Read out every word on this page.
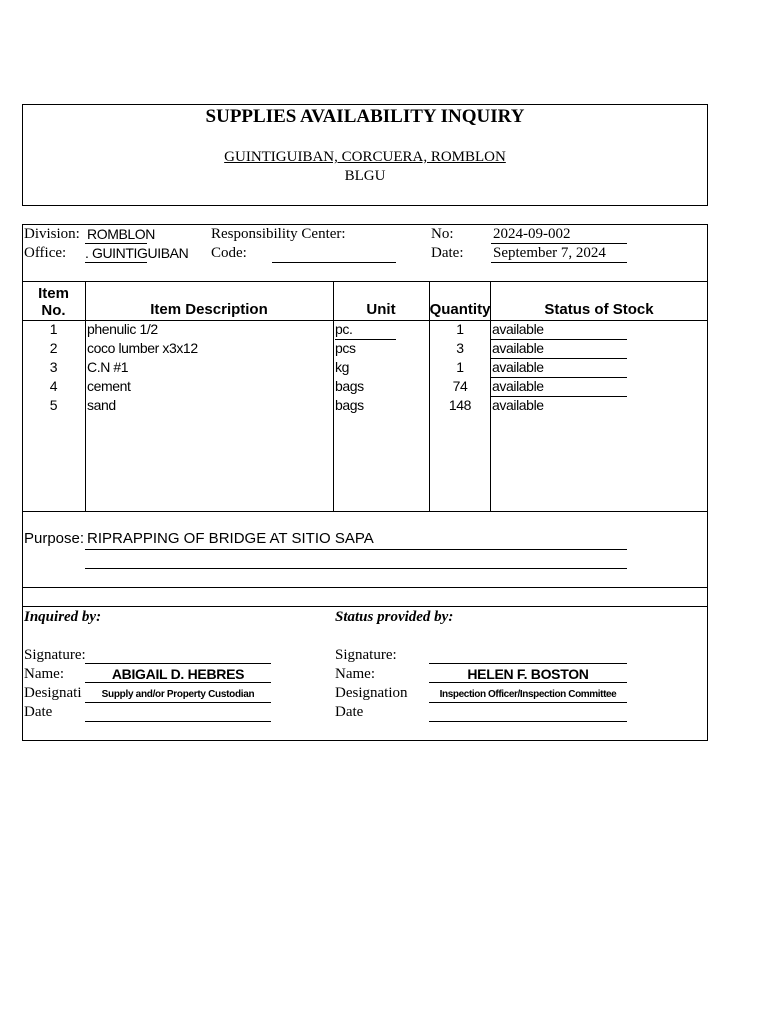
SUPPLIES AVAILABILITY INQUIRY
GUINTIGUIBAN, CORCUERA, ROMBLON
BLGU
Division: ROMBLON
Office: . GUINTIGUIBAN
Responsibility Center:
Code:
No:	2024-09-002
Date: September 7, 2024
Item
No.	Item Description	Unit	Quantity	Status of Stock
1	phenulic 1/2	pc.	1	available
2	coco lumber x3x12	pcs	3	available
3	C.N #1	kg	1	available
4	cement	bags	74	available
5	sand	bags	148	available
Purpose: RIPRAPPING OF BRIDGE AT SITIO SAPA
Inquired by:
Signature:
Name:	ABIGAIL D. HEBRES
Designati	Supply and/or Property Custodian
Date
Status provided by:
Signature:
Name:	HELEN F. BOSTON
Designation	Inspection Officer/Inspection Committee
Date
